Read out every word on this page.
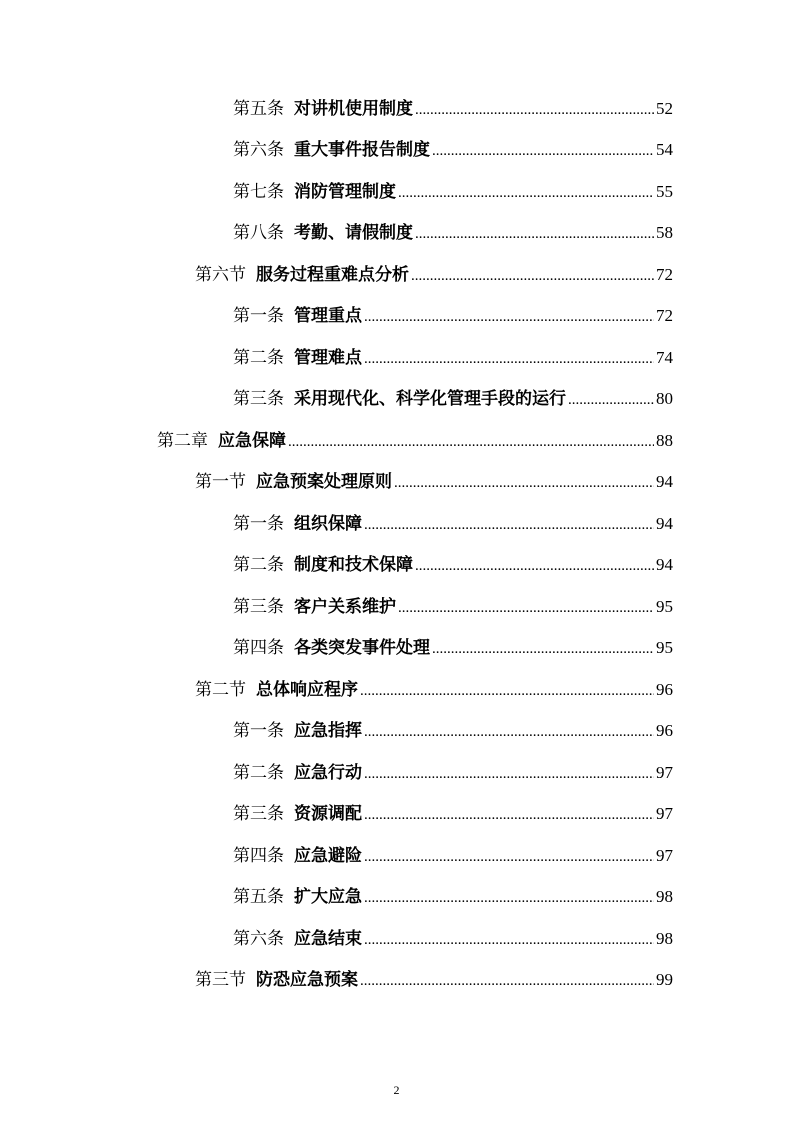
第五条 对讲机使用制度 .....	52
第六条 重大事件报告制度 .....	54
第七条 消防管理制度 .....	55
第八条 考勤、请假制度 .....	58
第六节 服务过程重难点分析 .....	72
第一条 管理重点 .....	72
第二条 管理难点 .....	74
第三条 采用现代化、科学化管理手段的运行 .....	80
第二章 应急保障 .....	88
第一节 应急预案处理原则 .....	94
第一条 组织保障 .....	94
第二条 制度和技术保障 .....	94
第三条 客户关系维护 .....	95
第四条 各类突发事件处理 .....	95
第二节 总体响应程序 .....	96
第一条 应急指挥 .....	96
第二条 应急行动 .....	97
第三条 资源调配 .....	97
第四条 应急避险 .....	97
第五条 扩大应急 .....	98
第六条 应急结束 .....	98
第三节 防恐应急预案 .....	99
2
